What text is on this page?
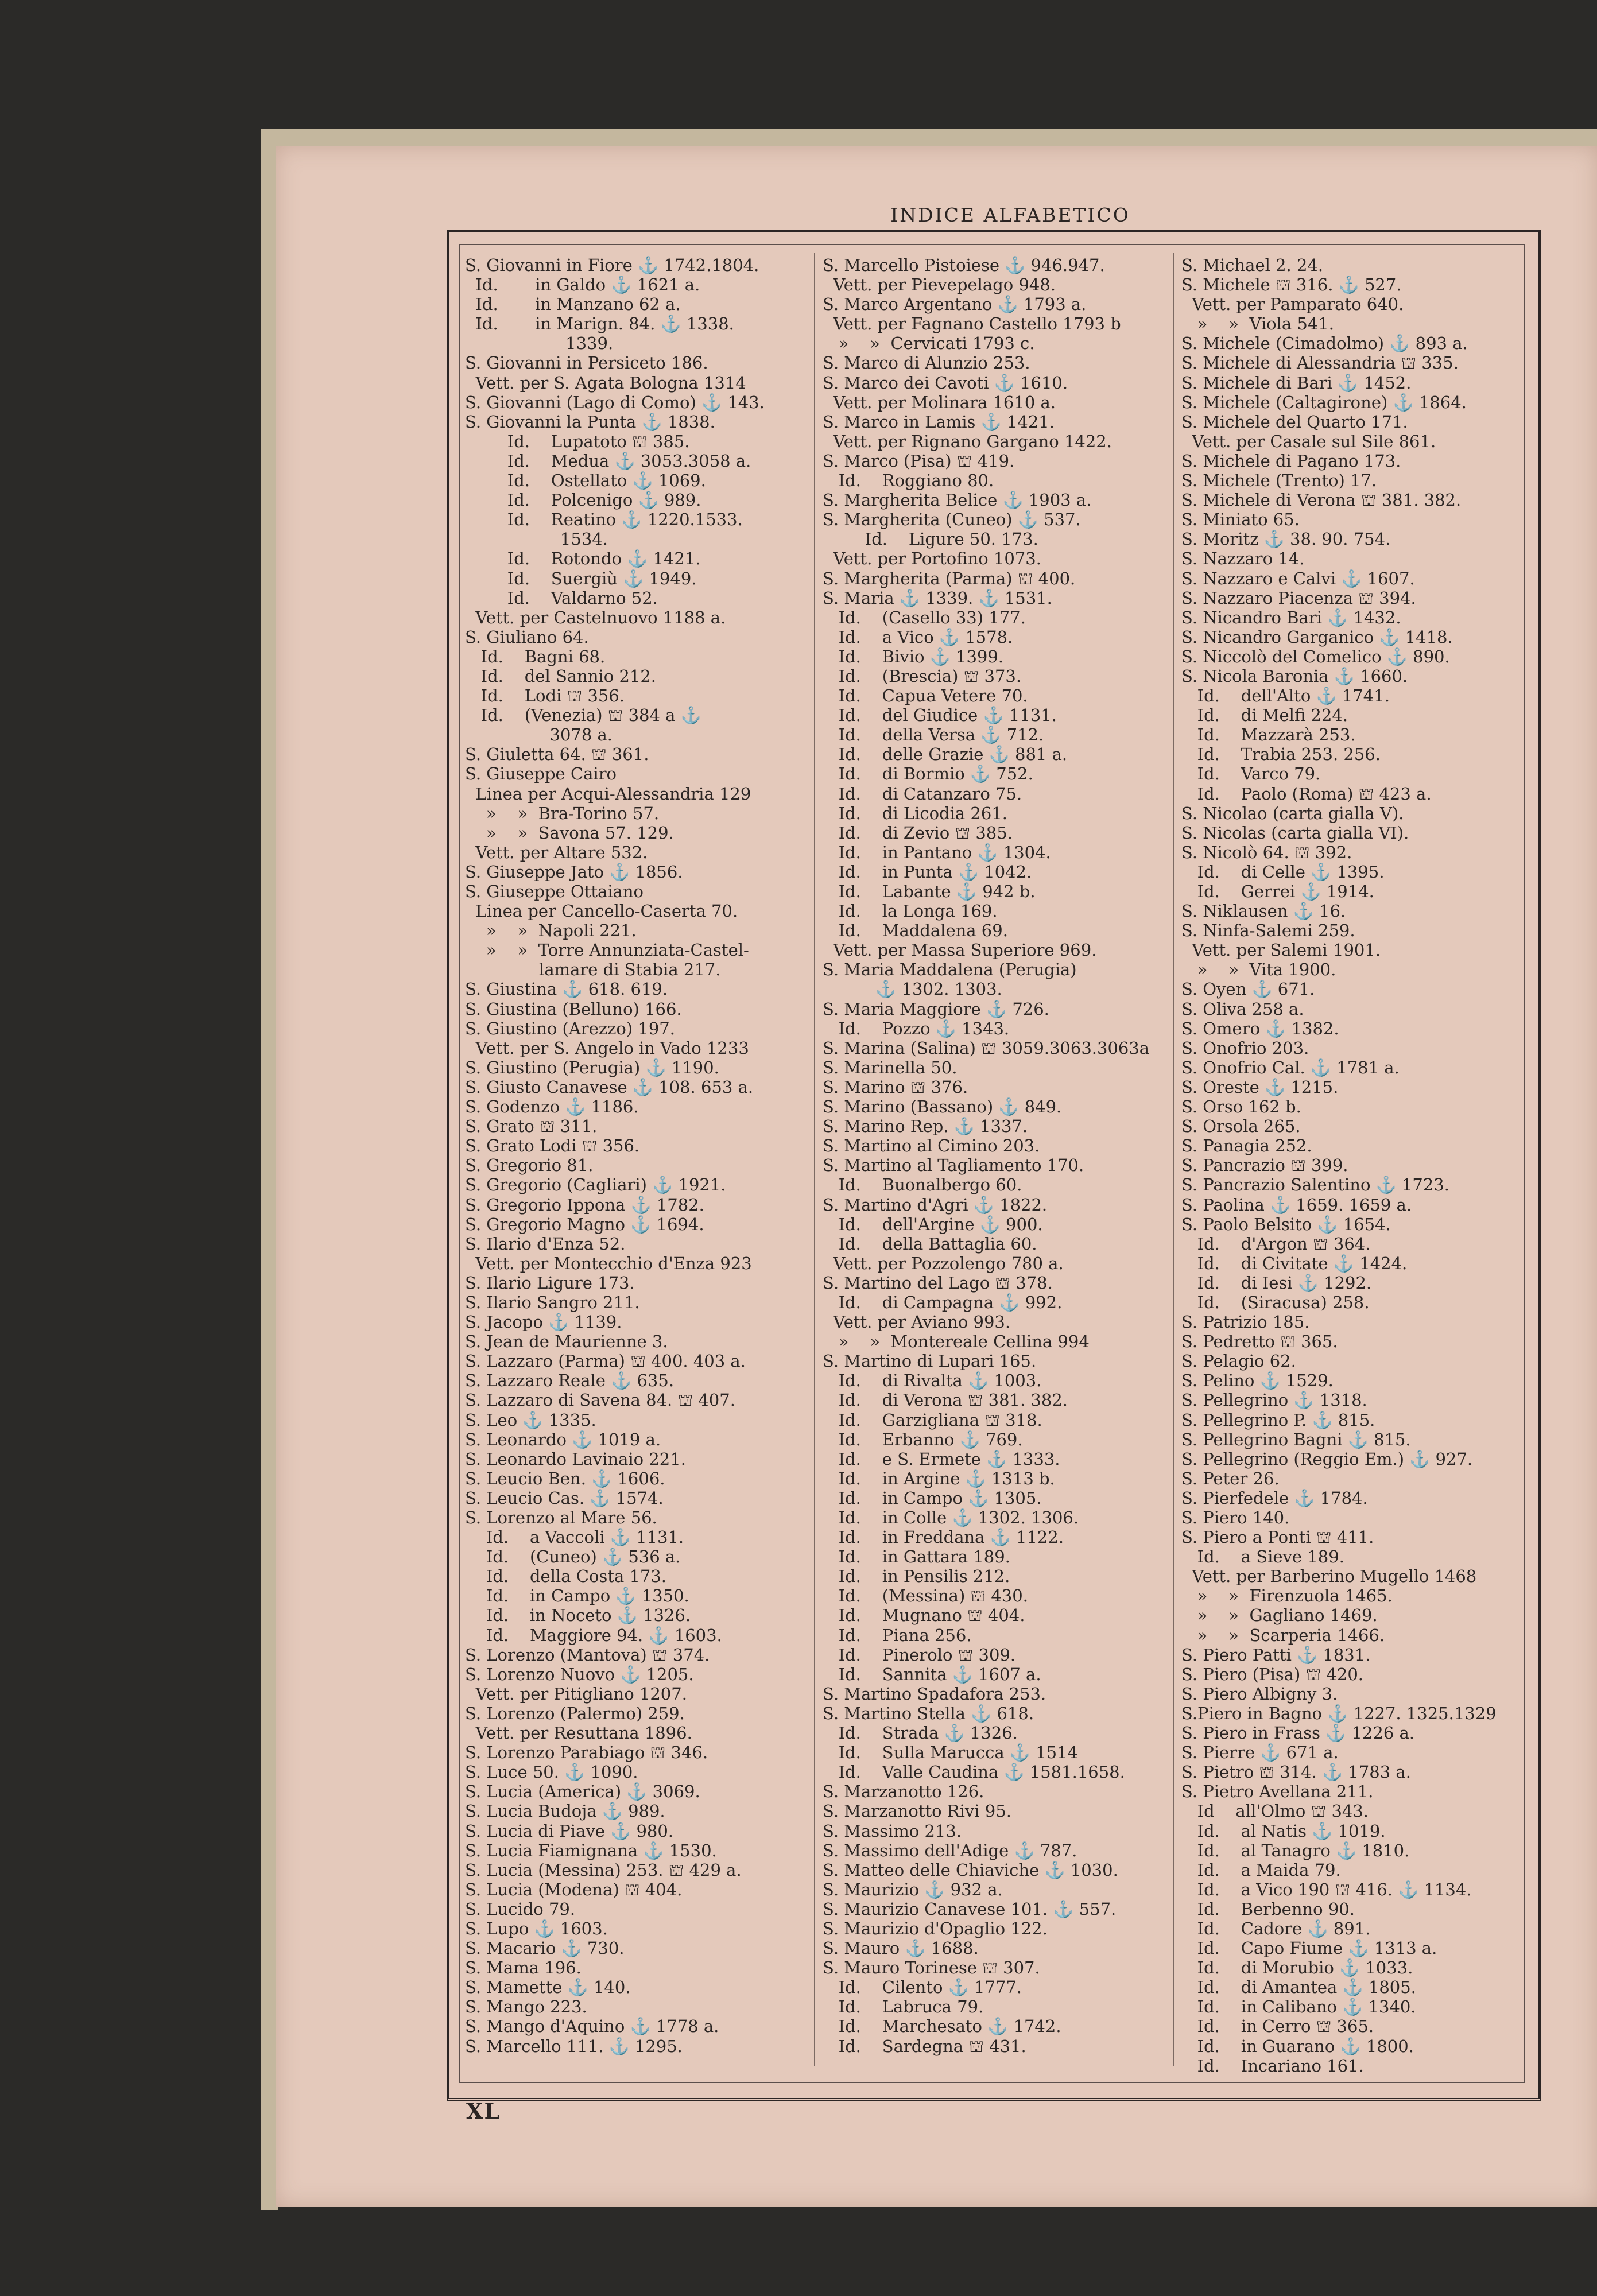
INDICE ALFABETICO
S. Giovanni in Fiore ⚓ 1742.1804.
Id.       in Galdo ⚓ 1621 a.
Id.       in Manzano 62 a.
Id.       in Marign. 84. ⚓ 1338.
1339.
S. Giovanni in Persiceto 186.
Vett. per S. Agata Bologna 1314
S. Giovanni (Lago di Como) ⚓ 143.
S. Giovanni la Punta ⚓ 1838.
Id.    Lupatoto ⛫ 385.
Id.    Medua ⚓ 3053.3058 a.
Id.    Ostellato ⚓ 1069.
Id.    Polcenigo ⚓ 989.
Id.    Reatino ⚓ 1220.1533.
1534.
Id.    Rotondo ⚓ 1421.
Id.    Suergiù ⚓ 1949.
Id.    Valdarno 52.
Vett. per Castelnuovo 1188 a.
S. Giuliano 64.
Id.    Bagni 68.
Id.    del Sannio 212.
Id.    Lodi ⛫ 356.
Id.    (Venezia) ⛫ 384 a ⚓
3078 a.
S. Giuletta 64. ⛫ 361.
S. Giuseppe Cairo
Linea per Acqui-Alessandria 129
»    »  Bra-Torino 57.
»    »  Savona 57. 129.
Vett. per Altare 532.
S. Giuseppe Jato ⚓ 1856.
S. Giuseppe Ottaiano
Linea per Cancello-Caserta 70.
»    »  Napoli 221.
»    »  Torre Annunziata-Castel-
lamare di Stabia 217.
S. Giustina ⚓ 618. 619.
S. Giustina (Belluno) 166.
S. Giustino (Arezzo) 197.
Vett. per S. Angelo in Vado 1233
S. Giustino (Perugia) ⚓ 1190.
S. Giusto Canavese ⚓ 108. 653 a.
S. Godenzo ⚓ 1186.
S. Grato ⛫ 311.
S. Grato Lodi ⛫ 356.
S. Gregorio 81.
S. Gregorio (Cagliari) ⚓ 1921.
S. Gregorio Ippona ⚓ 1782.
S. Gregorio Magno ⚓ 1694.
S. Ilario d'Enza 52.
Vett. per Montecchio d'Enza 923
S. Ilario Ligure 173.
S. Ilario Sangro 211.
S. Jacopo ⚓ 1139.
S. Jean de Maurienne 3.
S. Lazzaro (Parma) ⛫ 400. 403 a.
S. Lazzaro Reale ⚓ 635.
S. Lazzaro di Savena 84. ⛫ 407.
S. Leo ⚓ 1335.
S. Leonardo ⚓ 1019 a.
S. Leonardo Lavinaio 221.
S. Leucio Ben. ⚓ 1606.
S. Leucio Cas. ⚓ 1574.
S. Lorenzo al Mare 56.
Id.    a Vaccoli ⚓ 1131.
Id.    (Cuneo) ⚓ 536 a.
Id.    della Costa 173.
Id.    in Campo ⚓ 1350.
Id.    in Noceto ⚓ 1326.
Id.    Maggiore 94. ⚓ 1603.
S. Lorenzo (Mantova) ⛫ 374.
S. Lorenzo Nuovo ⚓ 1205.
Vett. per Pitigliano 1207.
S. Lorenzo (Palermo) 259.
Vett. per Resuttana 1896.
S. Lorenzo Parabiago ⛫ 346.
S. Luce 50. ⚓ 1090.
S. Lucia (America) ⚓ 3069.
S. Lucia Budoja ⚓ 989.
S. Lucia di Piave ⚓ 980.
S. Lucia Fiamignana ⚓ 1530.
S. Lucia (Messina) 253. ⛫ 429 a.
S. Lucia (Modena) ⛫ 404.
S. Lucido 79.
S. Lupo ⚓ 1603.
S. Macario ⚓ 730.
S. Mama 196.
S. Mamette ⚓ 140.
S. Mango 223.
S. Mango d'Aquino ⚓ 1778 a.
S. Marcello 111. ⚓ 1295.
S. Marcello Pistoiese ⚓ 946.947.
Vett. per Pievepelago 948.
S. Marco Argentano ⚓ 1793 a.
Vett. per Fagnano Castello 1793 b
»    »  Cervicati 1793 c.
S. Marco di Alunzio 253.
S. Marco dei Cavoti ⚓ 1610.
Vett. per Molinara 1610 a.
S. Marco in Lamis ⚓ 1421.
Vett. per Rignano Gargano 1422.
S. Marco (Pisa) ⛫ 419.
Id.    Roggiano 80.
S. Margherita Belice ⚓ 1903 a.
S. Margherita (Cuneo) ⚓ 537.
Id.    Ligure 50. 173.
Vett. per Portofino 1073.
S. Margherita (Parma) ⛫ 400.
S. Maria ⚓ 1339. ⚓ 1531.
Id.    (Casello 33) 177.
Id.    a Vico ⚓ 1578.
Id.    Bivio ⚓ 1399.
Id.    (Brescia) ⛫ 373.
Id.    Capua Vetere 70.
Id.    del Giudice ⚓ 1131.
Id.    della Versa ⚓ 712.
Id.    delle Grazie ⚓ 881 a.
Id.    di Bormio ⚓ 752.
Id.    di Catanzaro 75.
Id.    di Licodia 261.
Id.    di Zevio ⛫ 385.
Id.    in Pantano ⚓ 1304.
Id.    in Punta ⚓ 1042.
Id.    Labante ⚓ 942 b.
Id.    la Longa 169.
Id.    Maddalena 69.
Vett. per Massa Superiore 969.
S. Maria Maddalena (Perugia)
⚓ 1302. 1303.
S. Maria Maggiore ⚓ 726.
Id.    Pozzo ⚓ 1343.
S. Marina (Salina) ⛫ 3059.3063.3063a
S. Marinella 50.
S. Marino ⛫ 376.
S. Marino (Bassano) ⚓ 849.
S. Marino Rep. ⚓ 1337.
S. Martino al Cimino 203.
S. Martino al Tagliamento 170.
Id.    Buonalbergo 60.
S. Martino d'Agri ⚓ 1822.
Id.    dell'Argine ⚓ 900.
Id.    della Battaglia 60.
Vett. per Pozzolengo 780 a.
S. Martino del Lago ⛫ 378.
Id.    di Campagna ⚓ 992.
Vett. per Aviano 993.
»    »  Montereale Cellina 994
S. Martino di Lupari 165.
Id.    di Rivalta ⚓ 1003.
Id.    di Verona ⛫ 381. 382.
Id.    Garzigliana ⛫ 318.
Id.    Erbanno ⚓ 769.
Id.    e S. Ermete ⚓ 1333.
Id.    in Argine ⚓ 1313 b.
Id.    in Campo ⚓ 1305.
Id.    in Colle ⚓ 1302. 1306.
Id.    in Freddana ⚓ 1122.
Id.    in Gattara 189.
Id.    in Pensilis 212.
Id.    (Messina) ⛫ 430.
Id.    Mugnano ⛫ 404.
Id.    Piana 256.
Id.    Pinerolo ⛫ 309.
Id.    Sannita ⚓ 1607 a.
S. Martino Spadafora 253.
S. Martino Stella ⚓ 618.
Id.    Strada ⚓ 1326.
Id.    Sulla Marucca ⚓ 1514
Id.    Valle Caudina ⚓ 1581.1658.
S. Marzanotto 126.
S. Marzanotto Rivi 95.
S. Massimo 213.
S. Massimo dell'Adige ⚓ 787.
S. Matteo delle Chiaviche ⚓ 1030.
S. Maurizio ⚓ 932 a.
S. Maurizio Canavese 101. ⚓ 557.
S. Maurizio d'Opaglio 122.
S. Mauro ⚓ 1688.
S. Mauro Torinese ⛫ 307.
Id.    Cilento ⚓ 1777.
Id.    Labruca 79.
Id.    Marchesato ⚓ 1742.
Id.    Sardegna ⛫ 431.
S. Michael 2. 24.
S. Michele ⛫ 316. ⚓ 527.
Vett. per Pamparato 640.
»    »  Viola 541.
S. Michele (Cimadolmo) ⚓ 893 a.
S. Michele di Alessandria ⛫ 335.
S. Michele di Bari ⚓ 1452.
S. Michele (Caltagirone) ⚓ 1864.
S. Michele del Quarto 171.
Vett. per Casale sul Sile 861.
S. Michele di Pagano 173.
S. Michele (Trento) 17.
S. Michele di Verona ⛫ 381. 382.
S. Miniato 65.
S. Moritz ⚓ 38. 90. 754.
S. Nazzaro 14.
S. Nazzaro e Calvi ⚓ 1607.
S. Nazzaro Piacenza ⛫ 394.
S. Nicandro Bari ⚓ 1432.
S. Nicandro Garganico ⚓ 1418.
S. Niccolò del Comelico ⚓ 890.
S. Nicola Baronia ⚓ 1660.
Id.    dell'Alto ⚓ 1741.
Id.    di Melfi 224.
Id.    Mazzarà 253.
Id.    Trabia 253. 256.
Id.    Varco 79.
Id.    Paolo (Roma) ⛫ 423 a.
S. Nicolao (carta gialla V).
S. Nicolas (carta gialla VI).
S. Nicolò 64. ⛫ 392.
Id.    di Celle ⚓ 1395.
Id.    Gerrei ⚓ 1914.
S. Niklausen ⚓ 16.
S. Ninfa-Salemi 259.
Vett. per Salemi 1901.
»    »  Vita 1900.
S. Oyen ⚓ 671.
S. Oliva 258 a.
S. Omero ⚓ 1382.
S. Onofrio 203.
S. Onofrio Cal. ⚓ 1781 a.
S. Oreste ⚓ 1215.
S. Orso 162 b.
S. Orsola 265.
S. Panagia 252.
S. Pancrazio ⛫ 399.
S. Pancrazio Salentino ⚓ 1723.
S. Paolina ⚓ 1659. 1659 a.
S. Paolo Belsito ⚓ 1654.
Id.    d'Argon ⛫ 364.
Id.    di Civitate ⚓ 1424.
Id.    di Iesi ⚓ 1292.
Id.    (Siracusa) 258.
S. Patrizio 185.
S. Pedretto ⛫ 365.
S. Pelagio 62.
S. Pelino ⚓ 1529.
S. Pellegrino ⚓ 1318.
S. Pellegrino P. ⚓ 815.
S. Pellegrino Bagni ⚓ 815.
S. Pellegrino (Reggio Em.) ⚓ 927.
S. Peter 26.
S. Pierfedele ⚓ 1784.
S. Piero 140.
S. Piero a Ponti ⛫ 411.
Id.    a Sieve 189.
Vett. per Barberino Mugello 1468
»    »  Firenzuola 1465.
»    »  Gagliano 1469.
»    »  Scarperia 1466.
S. Piero Patti ⚓ 1831.
S. Piero (Pisa) ⛫ 420.
S. Piero Albigny 3.
S.Piero in Bagno ⚓ 1227. 1325.1329
S. Piero in Frass ⚓ 1226 a.
S. Pierre ⚓ 671 a.
S. Pietro ⛫ 314. ⚓ 1783 a.
S. Pietro Avellana 211.
Id    all'Olmo ⛫ 343.
Id.    al Natis ⚓ 1019.
Id.    al Tanagro ⚓ 1810.
Id.    a Maida 79.
Id.    a Vico 190 ⛫ 416. ⚓ 1134.
Id.    Berbenno 90.
Id.    Cadore ⚓ 891.
Id.    Capo Fiume ⚓ 1313 a.
Id.    di Morubio ⚓ 1033.
Id.    di Amantea ⚓ 1805.
Id.    in Calibano ⚓ 1340.
Id.    in Cerro ⛫ 365.
Id.    in Guarano ⚓ 1800.
Id.    Incariano 161.
XL
